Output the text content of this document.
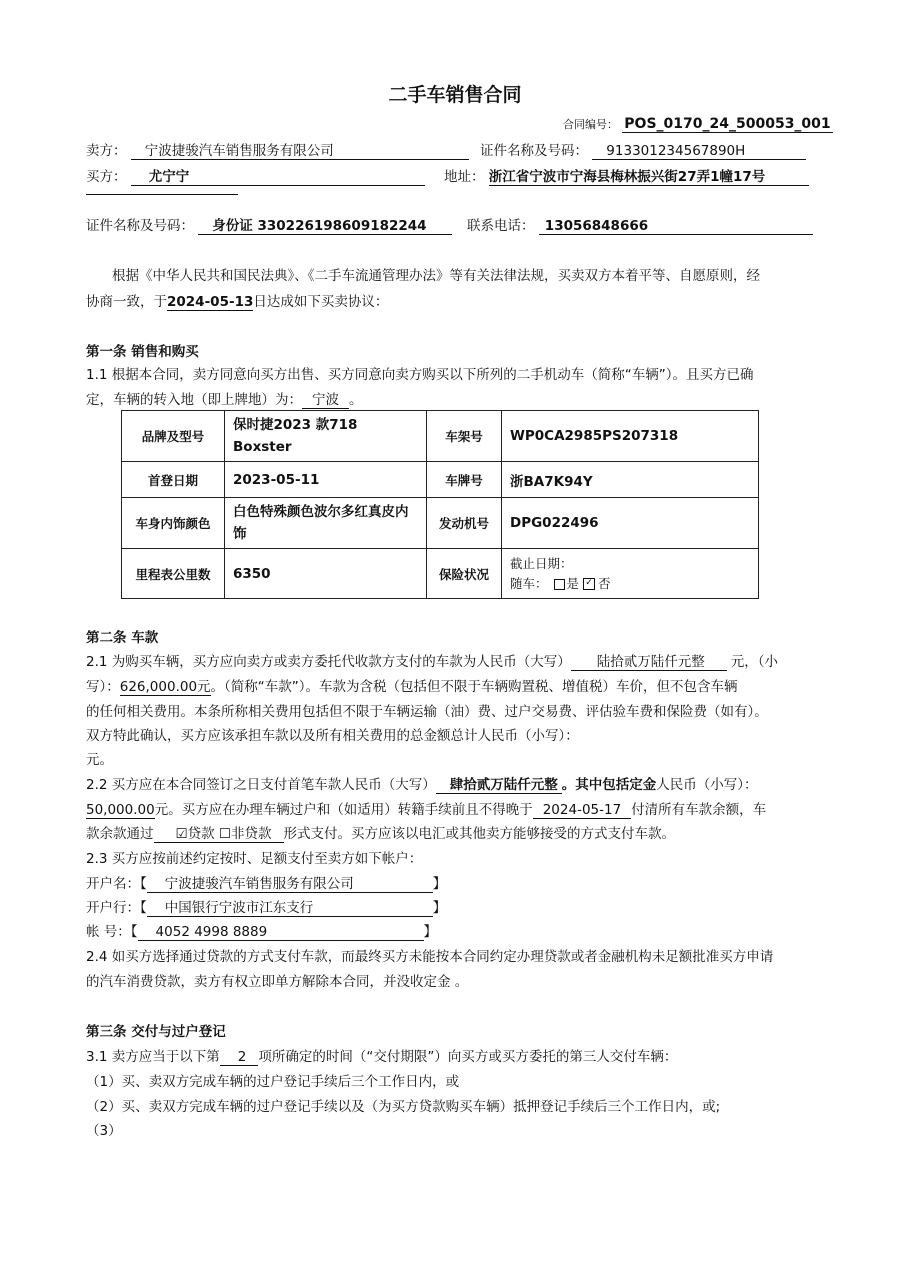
二手车销售合同
合同编号： POS_0170_24_500053_001
卖方： 宁波捷骏汽车销售服务有限公司	证件名称及号码： 913301234567890H
买方： 尤宁宁	地址： 浙江省宁波市宁海县梅林振兴街27弄1幢17号
证件名称及号码： 身份证 330226198609182244	联系电话： 13056848666

根据《中华人民共和国民法典》、《二手车流通管理办法》等有关法律法规，买卖双方本着平等、自愿原则，经

协商一致，于2024-05-13日达成如下买卖协议：

第一条 销售和购买

1.1 根据本合同，卖方同意向买方出售、买方同意向卖方购买以下所列的二手机动车（简称“车辆”）。且买方已确

定，车辆的转入地（即上牌地）为： 宁波 。

品牌及型号	保时捷2023 款718 Boxster	车架号	WP0CA2985PS207318
首登日期	2023-05-11	车牌号	浙BA7K94Y
车身内饰颜色	白色特殊颜色波尔多红真皮内饰	发动机号	DPG022496
里程表公里数	6350	保险状况	截止日期：
随车： 是 ✓ 否

第二条 车款

2.1 为购买车辆，买方应向卖方或卖方委托代收款方支付的车款为人民币（大写） 陆拾贰万陆仟元整 元，（小

写）：626,000.00元。（简称“车款”）。车款为含税（包括但不限于车辆购置税、增值税）车价，但不包含车辆

的任何相关费用。本条所称相关费用包括但不限于车辆运输（油）费、过户交易费、评估验车费和保险费（如有）。

双方特此确认，买方应该承担车款以及所有相关费用的总金额总计人民币（小写）：

元。

2.2 买方应在本合同签订之日支付首笔车款人民币（大写） 肆拾贰万陆仟元整 。其中包括定金人民币（小写）：

50,000.00元。买方应在办理车辆过户和（如适用）转籍手续前且不得晚于 2024-05-17 付清所有车款余额，车

款余款通过 ☑贷款 ☐非贷款 形式支付。买方应该以电汇或其他卖方能够接受的方式支付车款。

2.3 买方应按前述约定按时、足额支付至卖方如下帐户：

开户名：【 宁波捷骏汽车销售服务有限公司	】

开户行：【 中国银行宁波市江东支行	】

帐 号：【 4052 4998 8889	】

2.4 如买方选择通过贷款的方式支付车款，而最终买方未能按本合同约定办理贷款或者金融机构未足额批准买方申请

的汽车消费贷款，卖方有权立即单方解除本合同，并没收定金 。

第三条 交付与过户登记

3.1 卖方应当于以下第 2 项所确定的时间（“交付期限”）向买方或买方委托的第三人交付车辆：

（1）买、卖双方完成车辆的过户登记手续后三个工作日内，或

（2）买、卖双方完成车辆的过户登记手续以及（为买方贷款购买车辆）抵押登记手续后三个工作日内，或;

（3）
